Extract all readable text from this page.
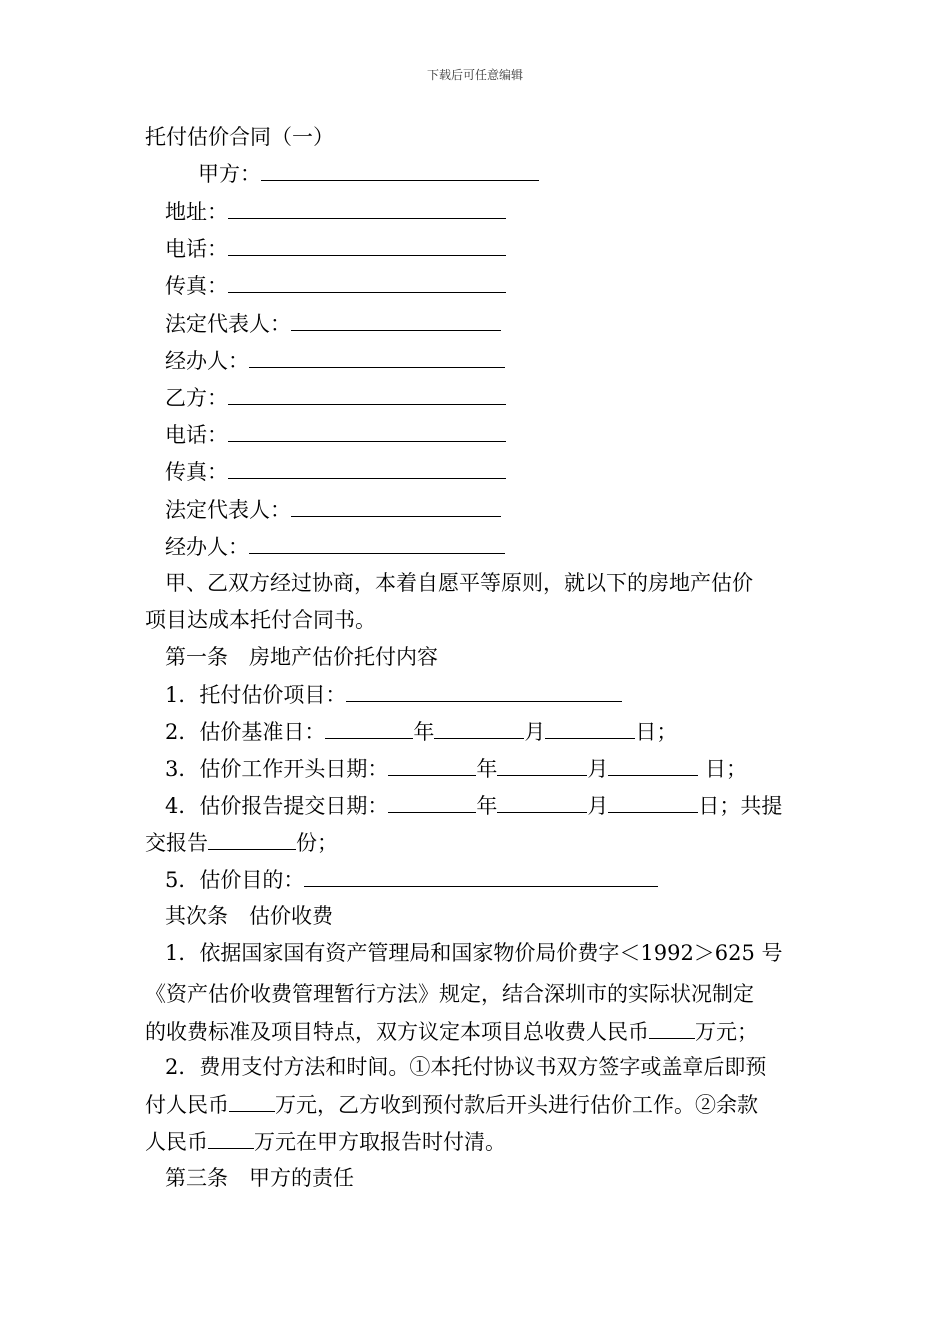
下载后可任意编辑
托付估价合同（一）
甲方：
地址：
电话：
传真：
法定代表人：
经办人：
乙方：
电话：
传真：
法定代表人：
经办人：
甲、乙双方经过协商，本着自愿平等原则，就以下的房地产估价
项目达成本托付合同书。
第一条　房地产估价托付内容
1．托付估价项目：
2．估价基准日：	年	月	日；
3．估价工作开头日期：	年	月	日；
4．估价报告提交日期：	年	月	日；共提
交报告	份；
5．估价目的：
其次条　估价收费
1．依据国家国有资产管理局和国家物价局价费字＜1992＞625 号
《资产估价收费管理暂行方法》规定，结合深圳市的实际状况制定
的收费标准及项目特点，双方议定本项目总收费人民币 万元；
2．费用支付方法和时间。①本托付协议书双方签字或盖章后即预
付人民币 万元，乙方收到预付款后开头进行估价工作。②余款
人民币 万元在甲方取报告时付清。
第三条　甲方的责任
